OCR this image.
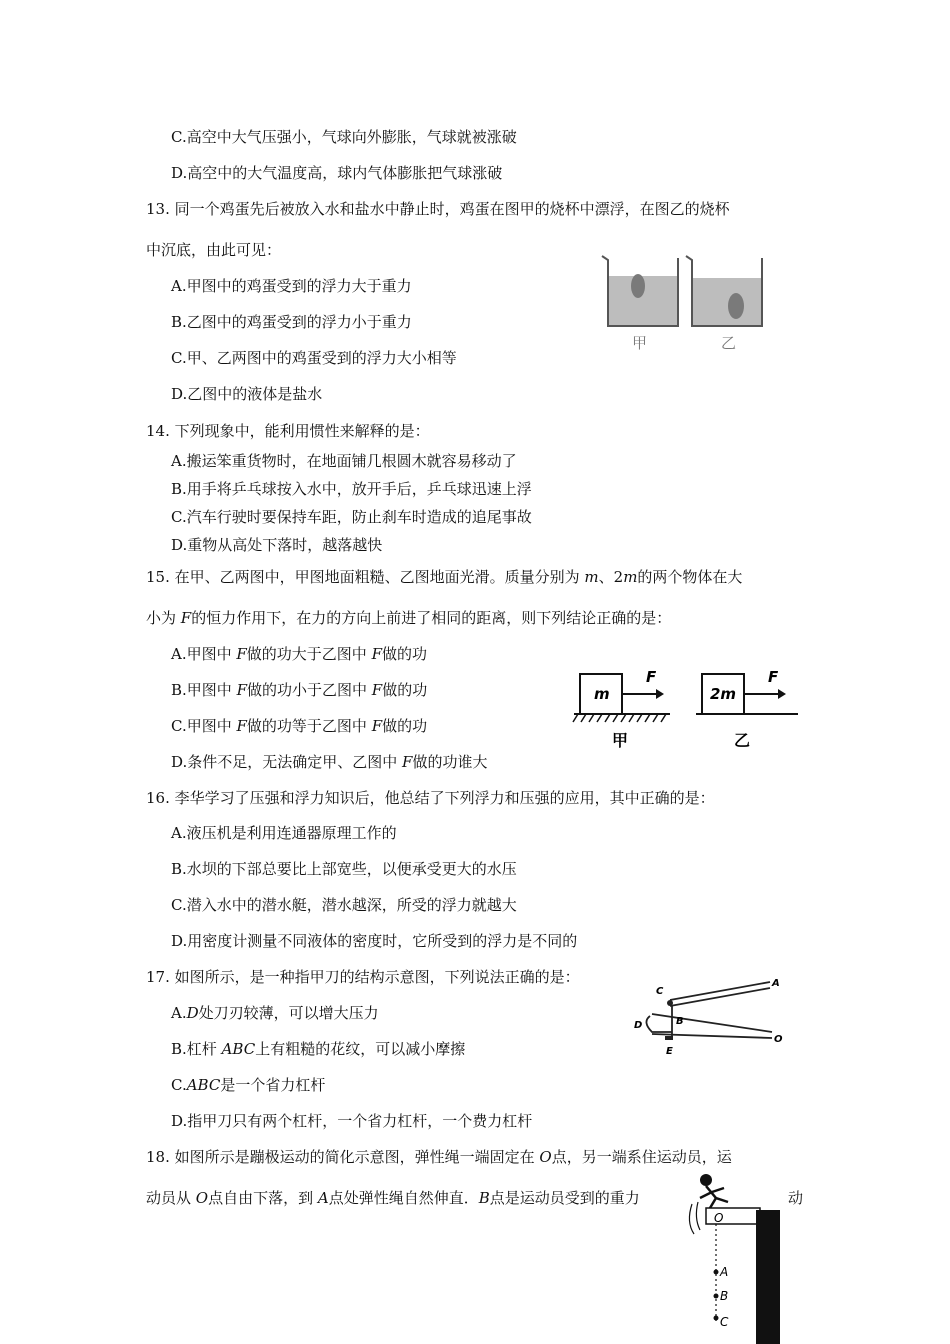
C.高空中大气压强小，气球向外膨胀，气球就被涨破
D.高空中的大气温度高，球内气体膨胀把气球涨破
13. 同一个鸡蛋先后被放入水和盐水中静止时，鸡蛋在图甲的烧杯中漂浮，在图乙的烧杯
中沉底，由此可见：
A.甲图中的鸡蛋受到的浮力大于重力
B.乙图中的鸡蛋受到的浮力小于重力
C.甲、乙两图中的鸡蛋受到的浮力大小相等
D.乙图中的液体是盐水
甲	乙
14. 下列现象中，能利用惯性来解释的是：
A.搬运笨重货物时，在地面铺几根圆木就容易移动了
B.用手将乒乓球按入水中，放开手后，乒乓球迅速上浮
C.汽车行驶时要保持车距，防止刹车时造成的追尾事故
D.重物从高处下落时，越落越快
15. 在甲、乙两图中，甲图地面粗糙、乙图地面光滑。质量分别为 m、2m的两个物体在大
小为 F的恒力作用下，在力的方向上前进了相同的距离，则下列结论正确的是：
A.甲图中 F做的功大于乙图中 F做的功
B.甲图中 F做的功小于乙图中 F做的功
C.甲图中 F做的功等于乙图中 F做的功
D.条件不足，无法确定甲、乙图中 F做的功谁大
m
F
甲
2m
F
乙
16. 李华学习了压强和浮力知识后，他总结了下列浮力和压强的应用，其中正确的是：
A.液压机是利用连通器原理工作的
B.水坝的下部总要比上部宽些，以便承受更大的水压
C.潜入水中的潜水艇，潜水越深，所受的浮力就越大
D.用密度计测量不同液体的密度时，它所受到的浮力是不同的
17. 如图所示，是一种指甲刀的结构示意图，下列说法正确的是：
A.D处刀刃较薄，可以增大压力
B.杠杆 ABC上有粗糙的花纹，可以减小摩擦
C.ABC是一个省力杠杆
D.指甲刀只有两个杠杆，一个省力杠杆，一个费力杠杆
C
A
B
D
E
O
18. 如图所示是蹦极运动的简化示意图，弹性绳一端固定在 O点，另一端系住运动员，运
动员从 O点自由下落，到 A点处弹性绳自然伸直．B点是运动员受到的重力	动
O
A
B
C
